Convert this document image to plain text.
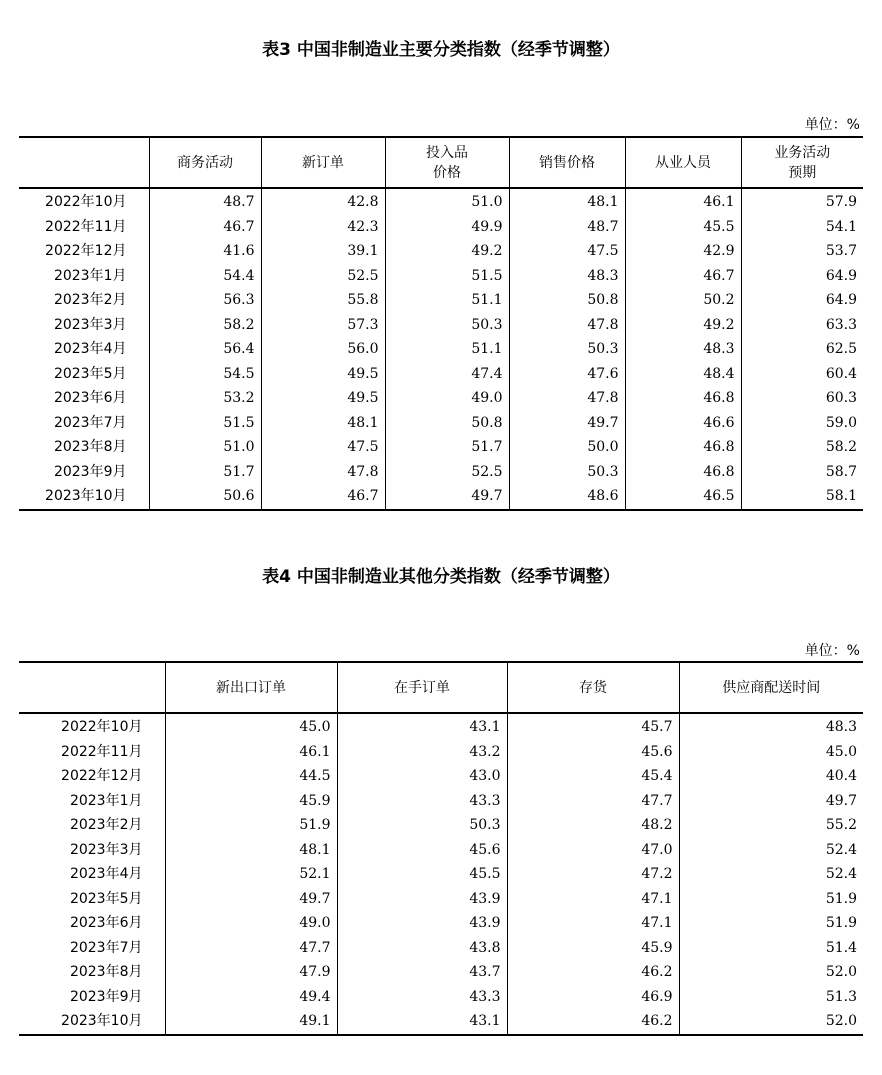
表3 中国非制造业主要分类指数（经季节调整）
单位：%
	商务活动	新订单	投入品
价格	销售价格	从业人员	业务活动
预期

2022年10月	48.7	42.8	51.0	48.1	46.1	57.9
2022年11月	46.7	42.3	49.9	48.7	45.5	54.1
2022年12月	41.6	39.1	49.2	47.5	42.9	53.7
2023年1月	54.4	52.5	51.5	48.3	46.7	64.9
2023年2月	56.3	55.8	51.1	50.8	50.2	64.9
2023年3月	58.2	57.3	50.3	47.8	49.2	63.3
2023年4月	56.4	56.0	51.1	50.3	48.3	62.5
2023年5月	54.5	49.5	47.4	47.6	48.4	60.4
2023年6月	53.2	49.5	49.0	47.8	46.8	60.3
2023年7月	51.5	48.1	50.8	49.7	46.6	59.0
2023年8月	51.0	47.5	51.7	50.0	46.8	58.2
2023年9月	51.7	47.8	52.5	50.3	46.8	58.7
2023年10月	50.6	46.7	49.7	48.6	46.5	58.1
表4 中国非制造业其他分类指数（经季节调整）
单位：%
	新出口订单	在手订单	存货	供应商配送时间
2022年10月	45.0	43.1	45.7	48.3
2022年11月	46.1	43.2	45.6	45.0
2022年12月	44.5	43.0	45.4	40.4
2023年1月	45.9	43.3	47.7	49.7
2023年2月	51.9	50.3	48.2	55.2
2023年3月	48.1	45.6	47.0	52.4
2023年4月	52.1	45.5	47.2	52.4
2023年5月	49.7	43.9	47.1	51.9
2023年6月	49.0	43.9	47.1	51.9
2023年7月	47.7	43.8	45.9	51.4
2023年8月	47.9	43.7	46.2	52.0
2023年9月	49.4	43.3	46.9	51.3
2023年10月	49.1	43.1	46.2	52.0
